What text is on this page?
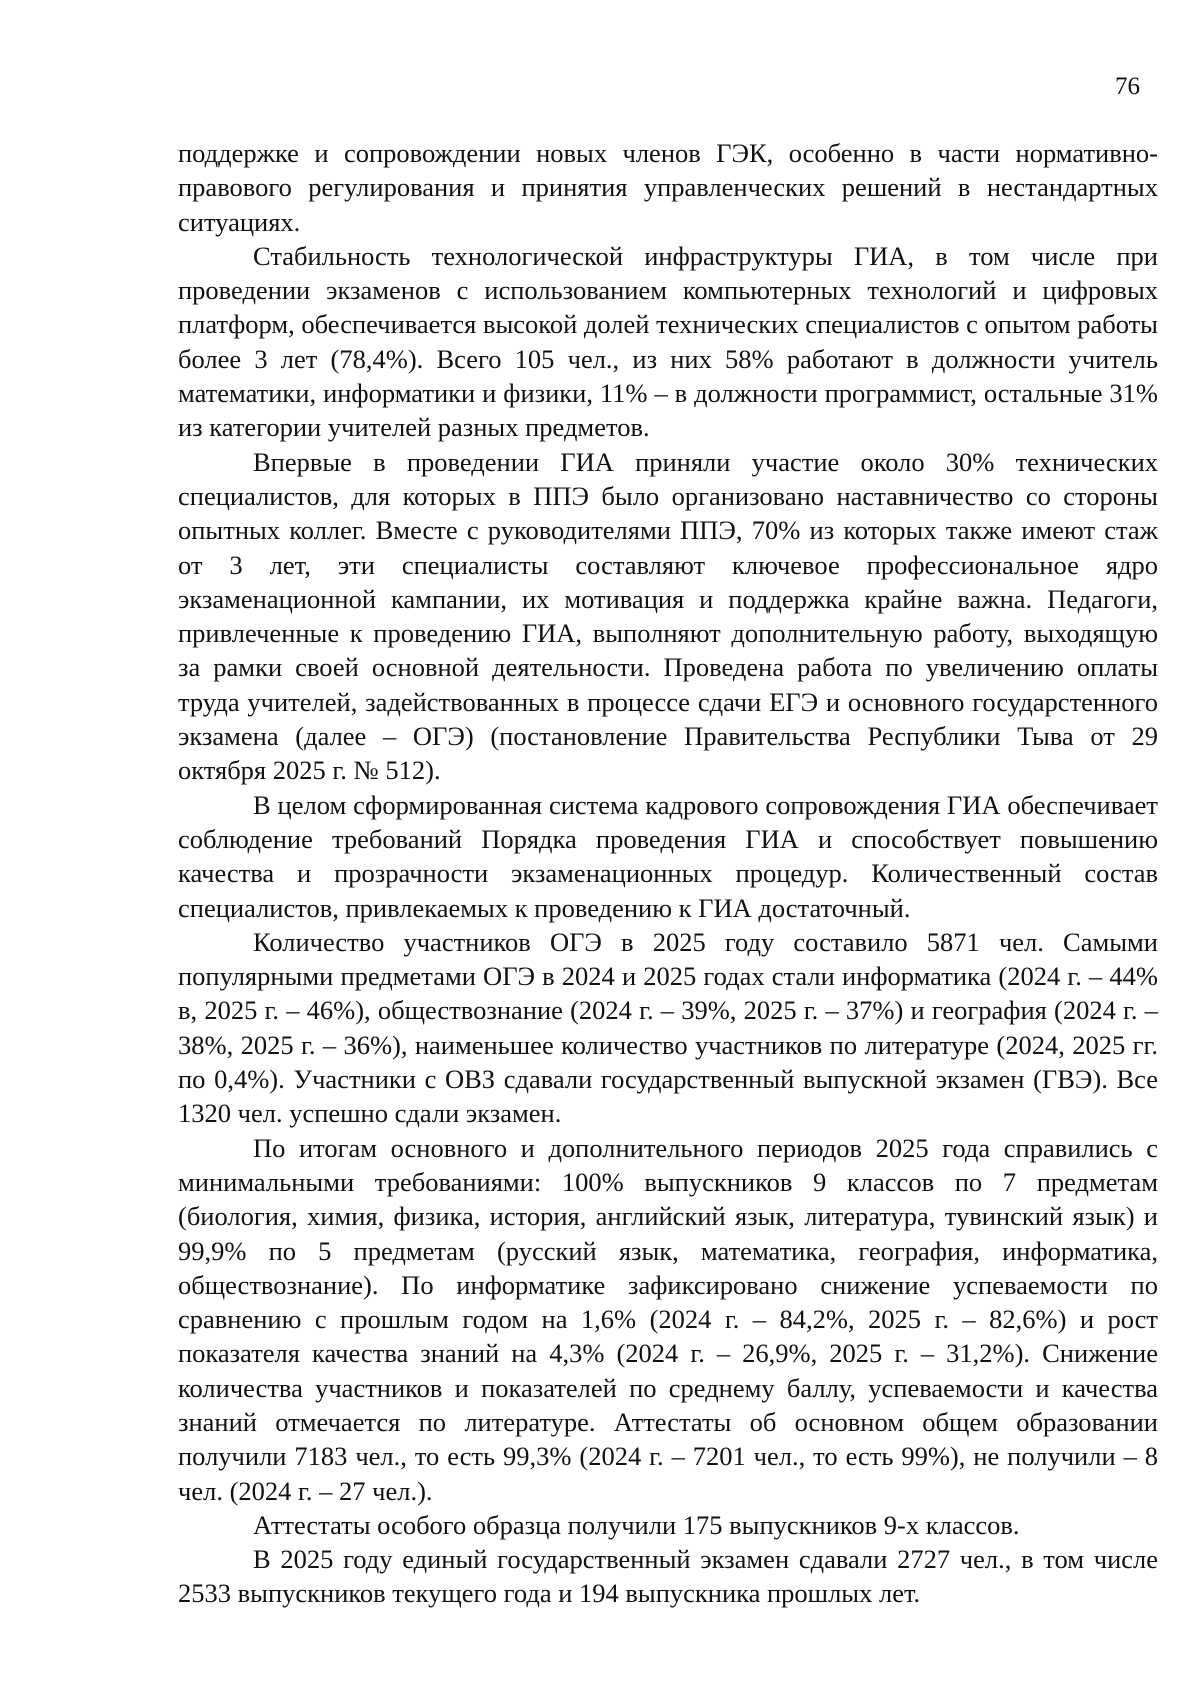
76

поддержке и сопровождении новых членов ГЭК, особенно в части нормативно-правового регулирования и принятия управленческих решений в нестандартных ситуациях.

Стабильность технологической инфраструктуры ГИА, в том числе при проведении экзаменов с использованием компьютерных технологий и цифровых платформ, обеспечивается высокой долей технических специалистов с опытом работы более 3 лет (78,4%). Всего 105 чел., из них 58% работают в должности учитель математики, информатики и физики, 11% – в должности программист, остальные 31% из категории учителей разных предметов.

Впервые в проведении ГИА приняли участие около 30% технических специалистов, для которых в ППЭ было организовано наставничество со стороны опытных коллег. Вместе с руководителями ППЭ, 70% из которых также имеют стаж от 3 лет, эти специалисты составляют ключевое профессиональное ядро экзаменационной кампании, их мотивация и поддержка крайне важна. Педагоги, привлеченные к проведению ГИА, выполняют дополнительную работу, выходящую за рамки своей основной деятельности. Проведена работа по увеличению оплаты труда учителей, задействованных в процессе сдачи ЕГЭ и основного государстенного экзамена (далее – ОГЭ) (постановление Правительства Республики Тыва от 29 октября 2025 г. № 512).

В целом сформированная система кадрового сопровождения ГИА обеспечивает соблюдение требований Порядка проведения ГИА и способствует повышению качества и прозрачности экзаменационных процедур. Количественный состав специалистов, привлекаемых к проведению к ГИА достаточный.

Количество участников ОГЭ в 2025 году составило 5871 чел. Самыми популярными предметами ОГЭ в 2024 и 2025 годах стали информатика (2024 г. – 44% в, 2025 г. – 46%), обществознание (2024 г. – 39%, 2025 г. – 37%) и география (2024 г. – 38%, 2025 г. – 36%), наименьшее количество участников по литературе (2024, 2025 гг. по 0,4%). Участники с ОВЗ сдавали государственный выпускной экзамен (ГВЭ). Все 1320 чел. успешно сдали экзамен.

По итогам основного и дополнительного периодов 2025 года справились с минимальными требованиями: 100% выпускников 9 классов по 7 предметам (биология, химия, физика, история, английский язык, литература, тувинский язык) и 99,9% по 5 предметам (русский язык, математика, география, информатика, обществознание). По информатике зафиксировано снижение успеваемости по сравнению с прошлым годом на 1,6% (2024 г. – 84,2%, 2025 г. – 82,6%) и рост показателя качества знаний на 4,3% (2024 г. – 26,9%, 2025 г. – 31,2%). Снижение количества участников и показателей по среднему баллу, успеваемости и качества знаний отмечается по литературе. Аттестаты об основном общем образовании получили 7183 чел., то есть 99,3% (2024 г. – 7201 чел., то есть 99%), не получили – 8 чел. (2024 г. – 27 чел.).

Аттестаты особого образца получили 175 выпускников 9-х классов.

В 2025 году единый государственный экзамен сдавали 2727 чел., в том числе 2533 выпускников текущего года и 194 выпускника прошлых лет.
